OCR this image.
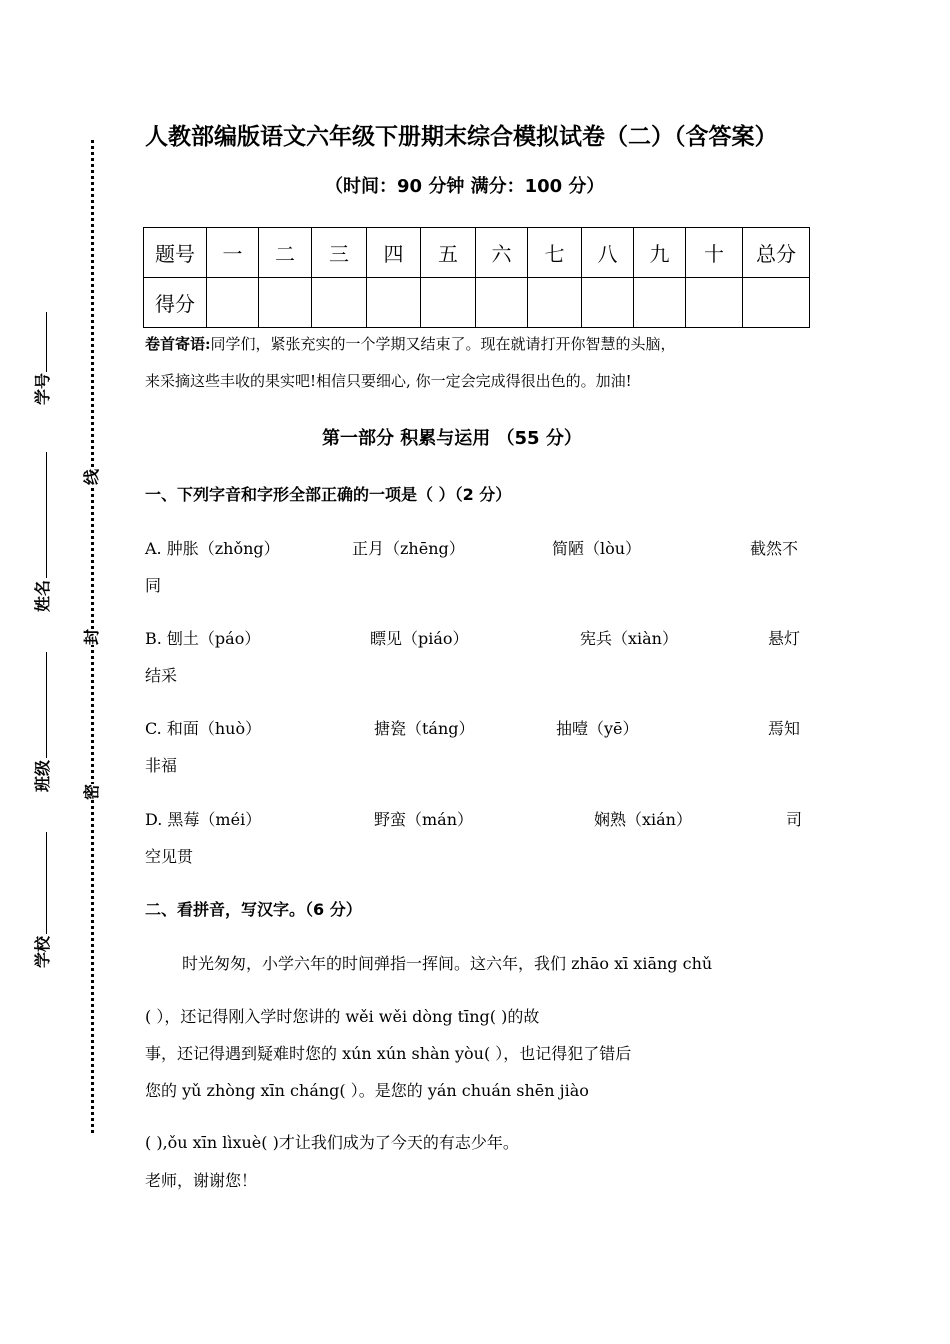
线
封
密
学号
姓名
班级
学校
人教部编版语文六年级下册期末综合模拟试卷（二）（含答案）
（时间：90 分钟 满分：100 分）
题号	一	二	三	四	五	六	七	八	九	十	总分
得分											
卷首寄语:同学们，紧张充实的一个学期又结束了。现在就请打开你智慧的头脑，
来采摘这些丰收的果实吧!相信只要细心, 你一定会完成得很出色的。加油!
第一部分 积累与运用 （55 分）
一、下列字音和字形全部正确的一项是（ ）（2 分）
A. 肿胀（zhǒng）	正月（zhēng）	简陋（lòu）	截然不
同
B. 刨土（páo）	瞟见（piáo）	宪兵（xiàn）	悬灯
结采
C. 和面（huò）	搪瓷（táng）	抽噎（yē）	焉知
非福
D. 黑莓（méi）	野蛮（mán）	娴熟（xián）	司
空见贯
二、看拼音，写汉字。（6 分）
时光匆匆，小学六年的时间弹指一挥间。这六年，我们 zhāo xī xiāng chǔ
( ），还记得刚入学时您讲的 wěi wěi dòng tīng( )的故
事，还记得遇到疑难时您的 xún xún shàn yòu( ），也记得犯了错后
您的 yǔ zhòng xīn cháng( ）。是您的 yán chuán shēn jiào
( ),ǒu xīn lìxuè( )才让我们成为了今天的有志少年。
老师，谢谢您！
